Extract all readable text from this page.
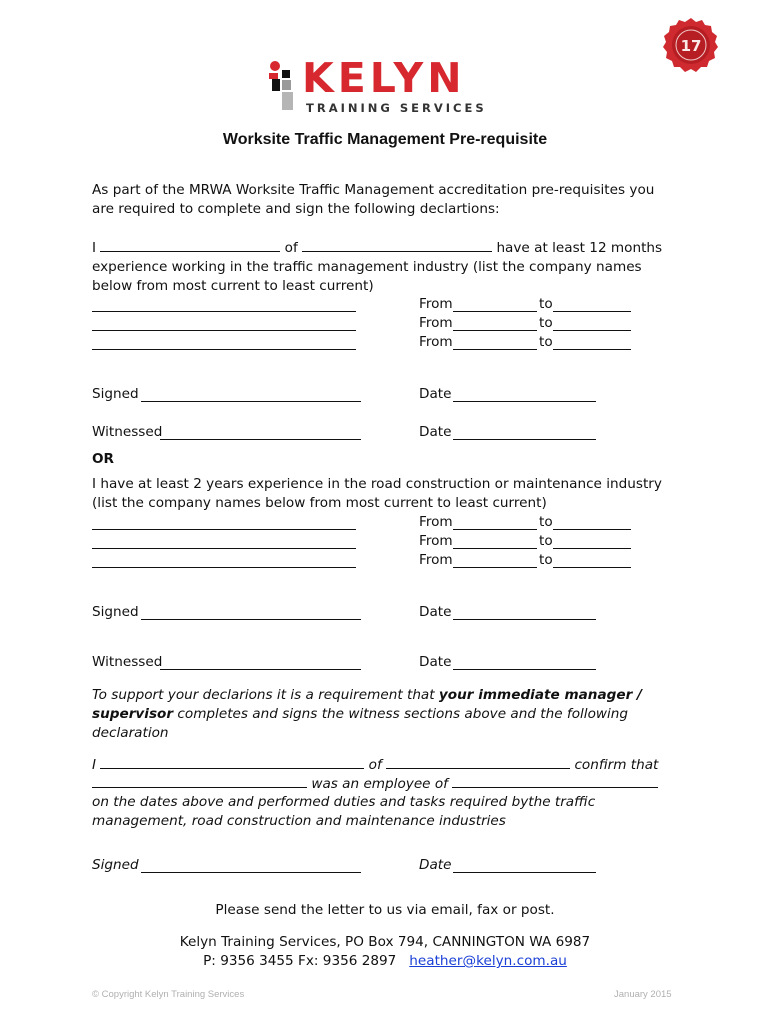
17
KELYN
TRAINING SERVICES
Worksite Traffic Management Pre-requisite
As part of the MRWA Worksite Traffic Management accreditation pre-requisites you
are required to complete and sign the following declartions:
I	of	have at least 12 months
experience working in the traffic management industry (list the company names
below from most current to least current)
From	to
From	to
From	to
Signed	Date
Witnessed	Date
OR
I have at least 2 years experience in the road construction or maintenance industry
(list the company names below from most current to least current)
From	to
From	to
From	to
Signed	Date
Witnessed	Date
To support your declarions it is a requirement that your immediate manager /
supervisor completes and signs the witness sections above and the following
declaration
I	of	confirm that
was an employee of
on the dates above and performed duties and tasks required bythe traffic
management, road construction and maintenance industries
Signed	Date
Please send the letter to us via email, fax or post.
Kelyn Training Services, PO Box 794, CANNINGTON WA 6987
P: 9356 3455 Fx: 9356 2897 heather@kelyn.com.au
© Copyright Kelyn Training Services	January 2015
